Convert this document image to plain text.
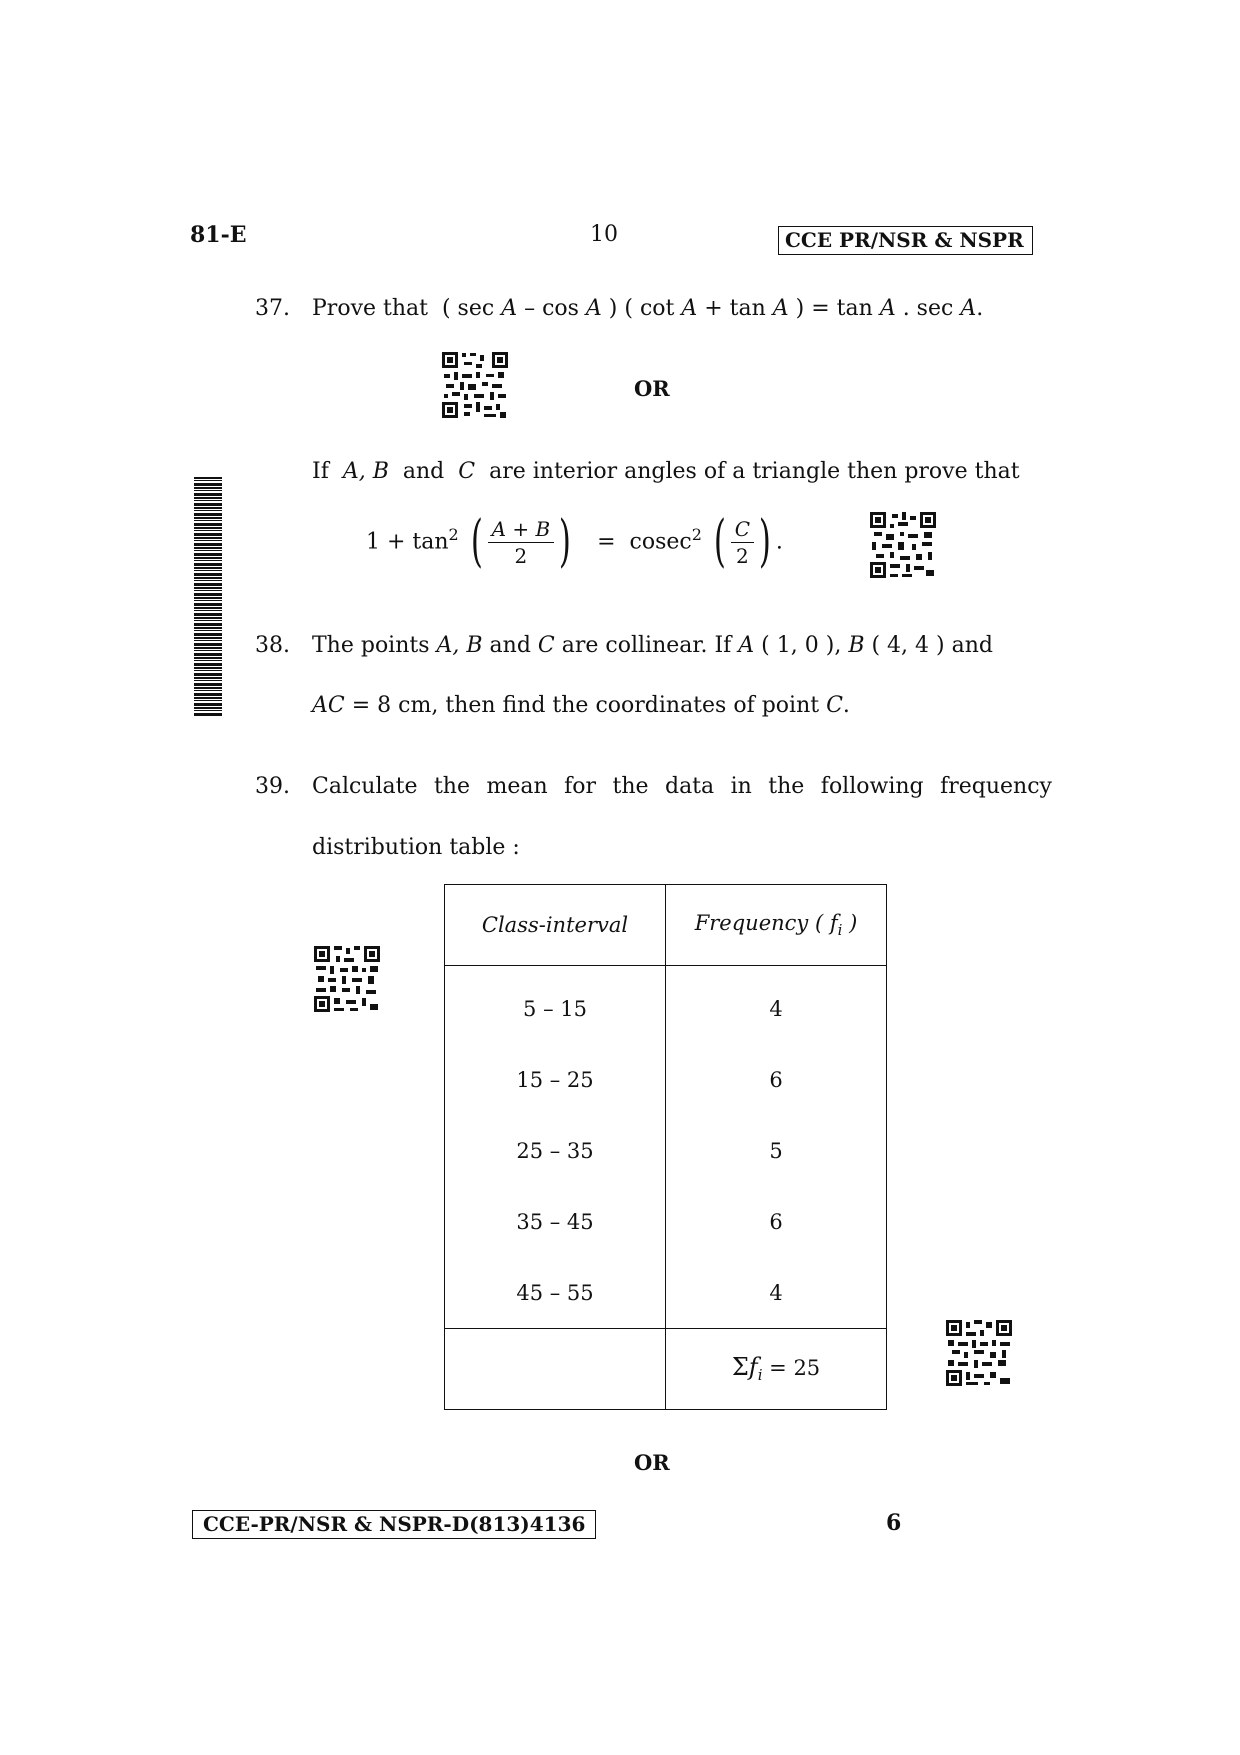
81-E	10	CCE PR/NSR & NSPR
37. Prove that ( sec A – cos A ) ( cot A + tan A ) = tan A . sec A.
OR
If A, B and C are interior angles of a triangle then prove that
$1 + \tan^2$ ( $\frac{A + B}{2}$ ) = cosec$^2$ ( $\frac{C}{2}$ ) .
38. The points A, B and C are collinear. If A ( 1, 0 ), B ( 4, 4 ) and
AC = 8 cm, then find the coordinates of point C.
39. Calculate the mean for the data in the following frequency
distribution table :
Class-interval	Frequency ( $f_i$ )
5 – 15	4
15 – 25	6
25 – 35	5
35 – 45	6
45 – 55	4
	$\Sigma f_i = 25$
OR
CCE-PR/NSR & NSPR-D(813)4136	6
